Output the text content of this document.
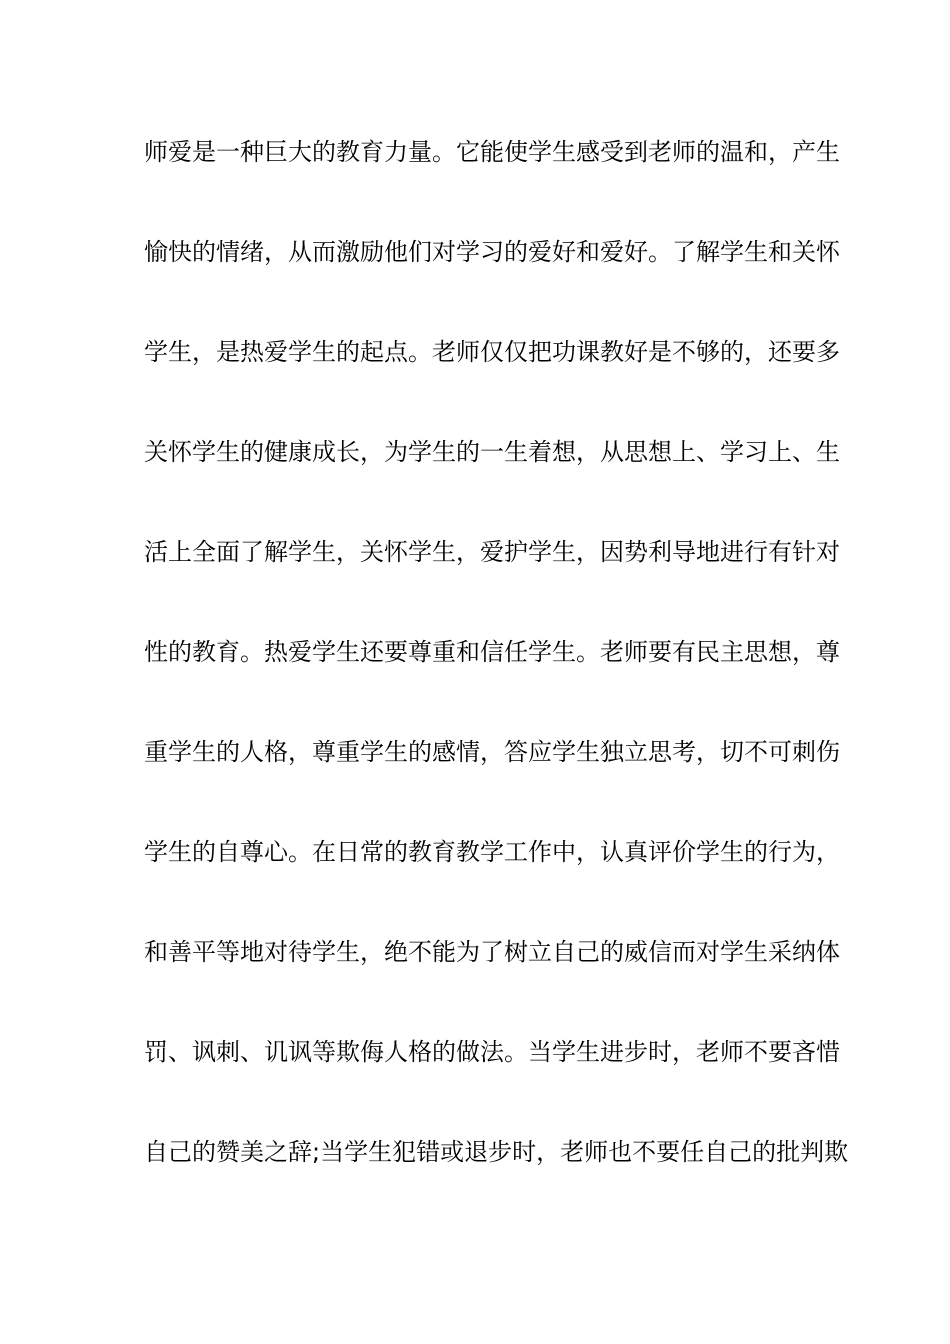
师爱是一种巨大的教育力量。它能使学生感受到老师的温和，产生
愉快的情绪，从而激励他们对学习的爱好和爱好。了解学生和关怀
学生，是热爱学生的起点。老师仅仅把功课教好是不够的，还要多
关怀学生的健康成长，为学生的一生着想，从思想上、学习上、生
活上全面了解学生，关怀学生，爱护学生，因势利导地进行有针对
性的教育。热爱学生还要尊重和信任学生。老师要有民主思想，尊
重学生的人格，尊重学生的感情，答应学生独立思考，切不可刺伤
学生的自尊心。在日常的教育教学工作中，认真评价学生的行为，
和善平等地对待学生，绝不能为了树立自己的威信而对学生采纳体
罚、讽刺、讥讽等欺侮人格的做法。当学生进步时，老师不要吝惜
自己的赞美之辞;当学生犯错或退步时，老师也不要任自己的批判欺
